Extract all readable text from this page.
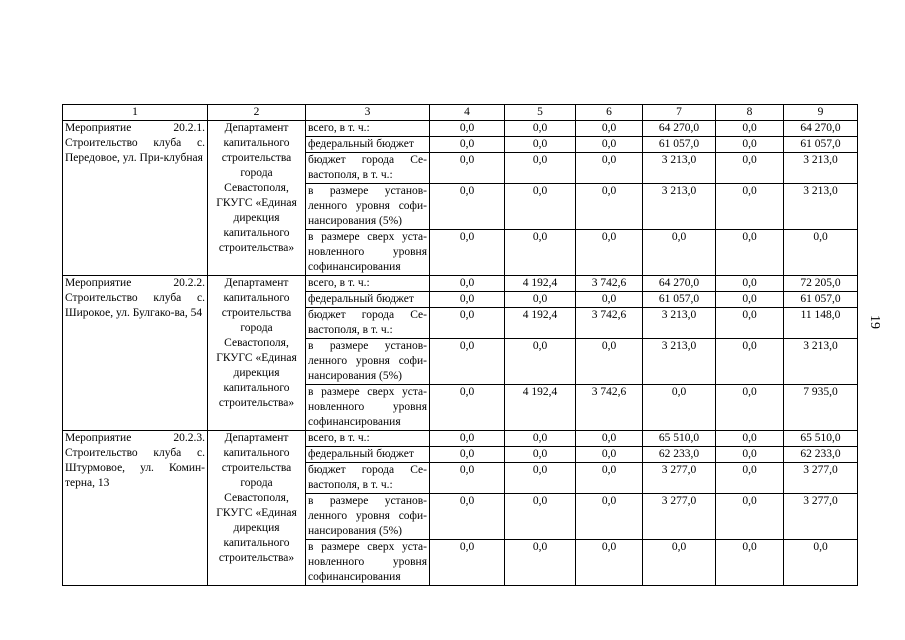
19
1	2	3	4	5	6	7	8	9
Мероприятие 20.2.1. Строительство клуба с. Передовое, ул. При-клубная	Департамент капитального строительства города Севастополя, ГКУГС «Единая дирекция капитального строительства»	всего, в т. ч.:	0,0	0,0	0,0	64 270,0	0,0	64 270,0
		федеральный бюджет	0,0	0,0	0,0	61 057,0	0,0	61 057,0
		бюджет города Се-вастополя, в т. ч.:	0,0	0,0	0,0	3 213,0	0,0	3 213,0
		в размере установ-ленного уровня софи-нансирования (5%)	0,0	0,0	0,0	3 213,0	0,0	3 213,0
		в размере сверх уста-новленного уровня софинансирования	0,0	0,0	0,0	0,0	0,0	0,0
Мероприятие 20.2.2. Строительство клуба с. Широкое, ул. Булгако-ва, 54	Департамент капитального строительства города Севастополя, ГКУГС «Единая дирекция капитального строительства»	всего, в т. ч.:	0,0	4 192,4	3 742,6	64 270,0	0,0	72 205,0
		федеральный бюджет	0,0	0,0	0,0	61 057,0	0,0	61 057,0
		бюджет города Се-вастополя, в т. ч.:	0,0	4 192,4	3 742,6	3 213,0	0,0	11 148,0
		в размере установ-ленного уровня софи-нансирования (5%)	0,0	0,0	0,0	3 213,0	0,0	3 213,0
		в размере сверх уста-новленного уровня софинансирования	0,0	4 192,4	3 742,6	0,0	0,0	7 935,0
Мероприятие 20.2.3. Строительство клуба с. Штурмовое, ул. Комин-терна, 13	Департамент капитального строительства города Севастополя, ГКУГС «Единая дирекция капитального строительства»	всего, в т. ч.:	0,0	0,0	0,0	65 510,0	0,0	65 510,0
		федеральный бюджет	0,0	0,0	0,0	62 233,0	0,0	62 233,0
		бюджет города Се-вастополя, в т. ч.:	0,0	0,0	0,0	3 277,0	0,0	3 277,0
		в размере установ-ленного уровня софи-нансирования (5%)	0,0	0,0	0,0	3 277,0	0,0	3 277,0
		в размере сверх уста-новленного уровня софинансирования	0,0	0,0	0,0	0,0	0,0	0,0
